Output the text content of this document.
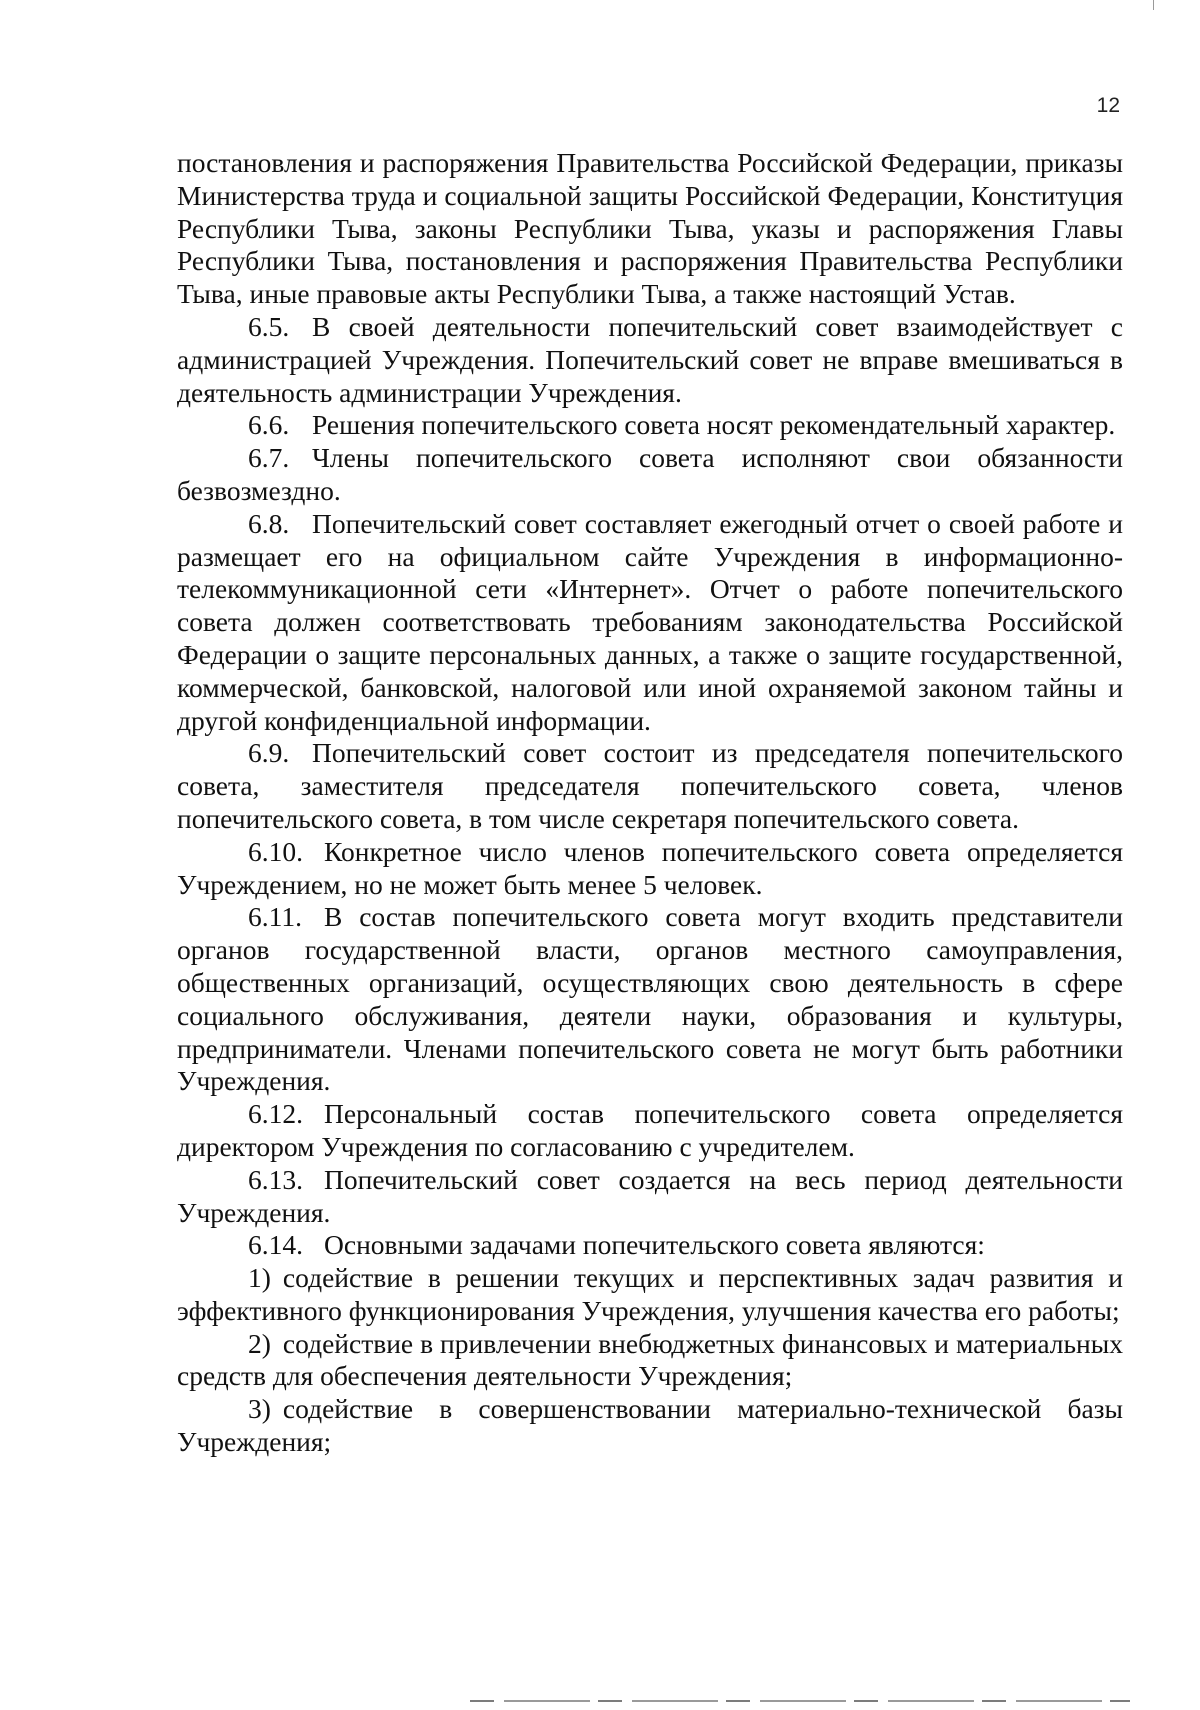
12

постановления и распоряжения Правительства Российской Федерации, приказы Министерства труда и социальной защиты Российской Федерации, Конституция Республики Тыва, законы Республики Тыва, указы и распоряжения Главы Республики Тыва, постановления и распоряжения Правительства Республики Тыва, иные правовые акты Республики Тыва, а также настоящий Устав.

6.5. В своей деятельности попечительский совет взаимодействует с администрацией Учреждения. Попечительский совет не вправе вмешиваться в деятельность администрации Учреждения.

6.6. Решения попечительского совета носят рекомендательный характер.

6.7. Члены попечительского совета исполняют свои обязанности безвозмездно.

6.8. Попечительский совет составляет ежегодный отчет о своей работе и размещает его на официальном сайте Учреждения в информационно-телекоммуникационной сети «Интернет». Отчет о работе попечительского совета должен соответствовать требованиям законодательства Российской Федерации о защите персональных данных, а также о защите государственной, коммерческой, банковской, налоговой или иной охраняемой законом тайны и другой конфиденциальной информации.

6.9. Попечительский совет состоит из председателя попечительского совета, заместителя председателя попечительского совета, членов попечительского совета, в том числе секретаря попечительского совета.

6.10. Конкретное число членов попечительского совета определяется Учреждением, но не может быть менее 5 человек.

6.11. В состав попечительского совета могут входить представители органов государственной власти, органов местного самоуправления, общественных организаций, осуществляющих свою деятельность в сфере социального обслуживания, деятели науки, образования и культуры, предприниматели. Членами попечительского совета не могут быть работники Учреждения.

6.12. Персональный состав попечительского совета определяется директором Учреждения по согласованию с учредителем.

6.13. Попечительский совет создается на весь период деятельности Учреждения.

6.14. Основными задачами попечительского совета являются:

1) содействие в решении текущих и перспективных задач развития и эффективного функционирования Учреждения, улучшения качества его работы;

2) содействие в привлечении внебюджетных финансовых и материальных средств для обеспечения деятельности Учреждения;

3) содействие в совершенствовании материально-технической базы Учреждения;
